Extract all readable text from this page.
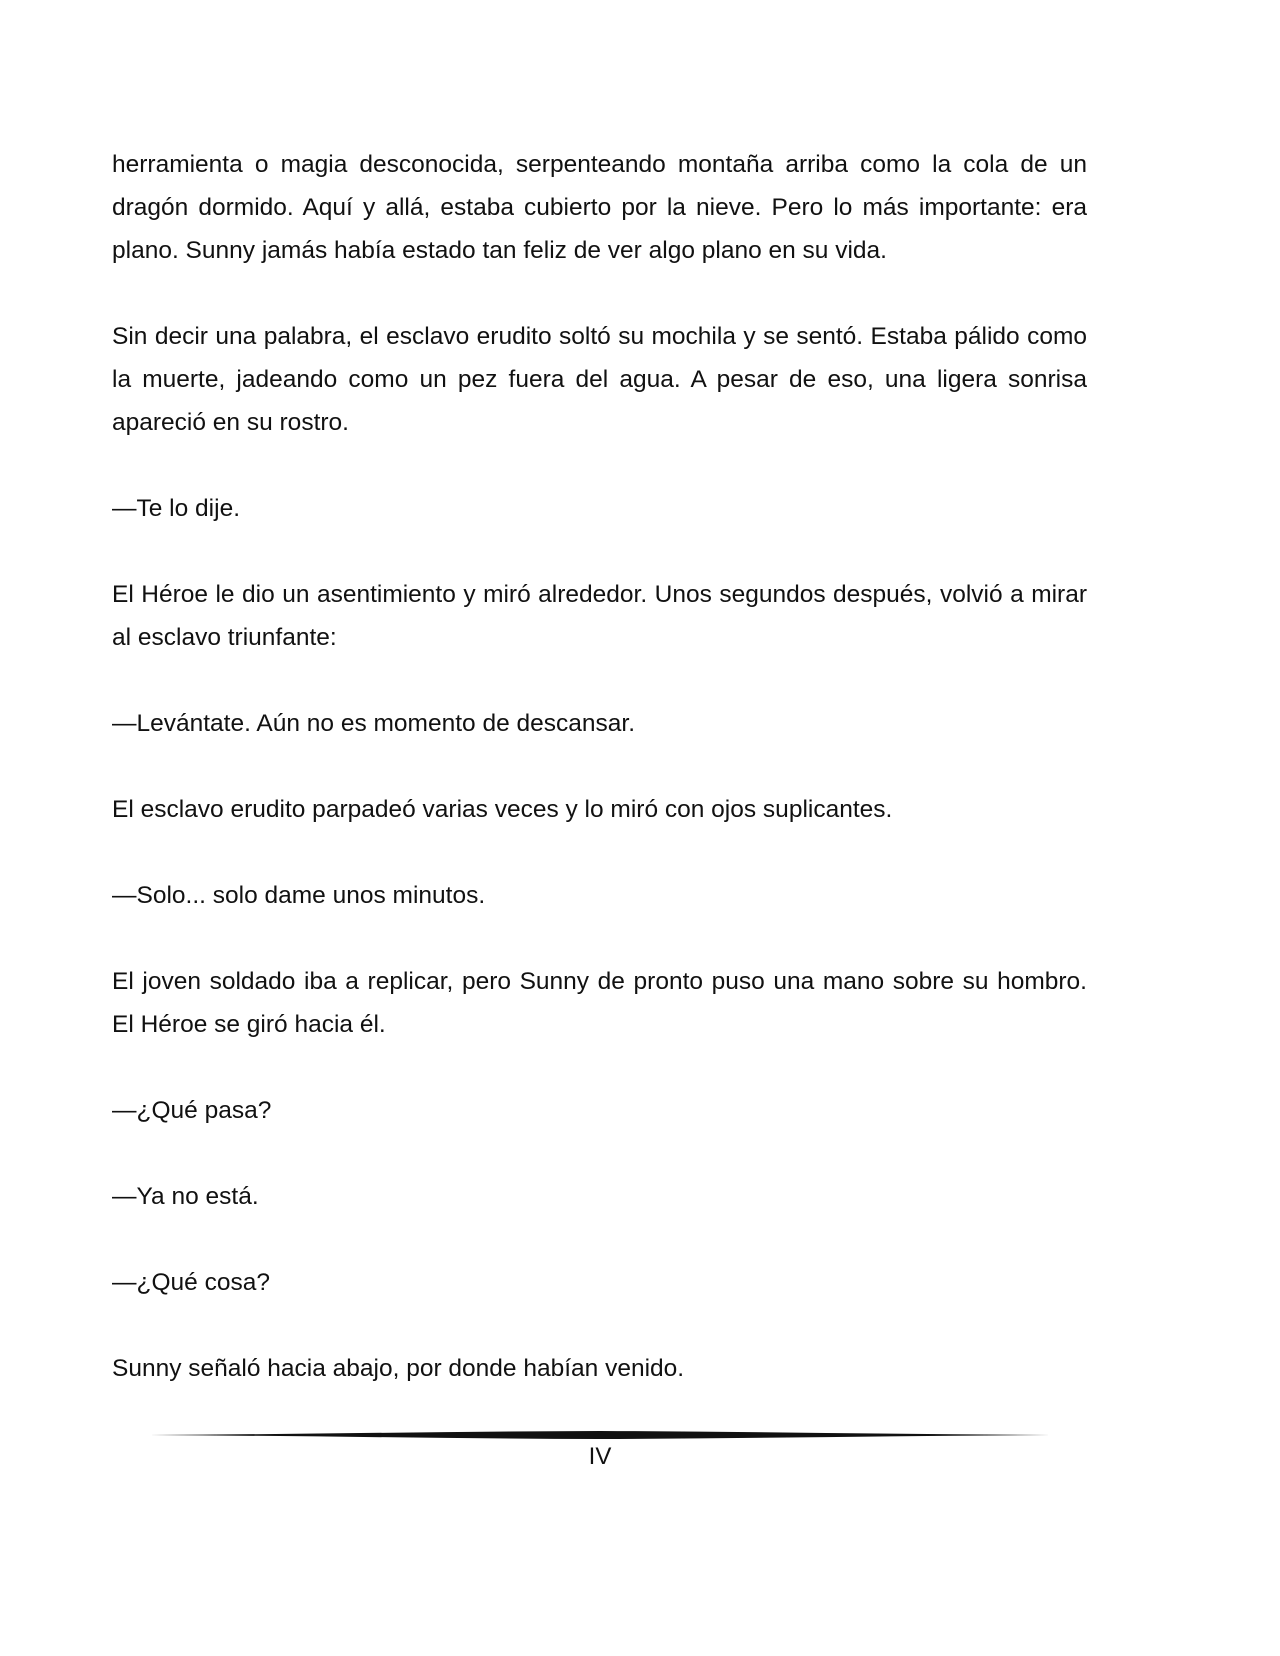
herramienta o magia desconocida, serpenteando montaña arriba como la cola de un dragón dormido. Aquí y allá, estaba cubierto por la nieve. Pero lo más importante: era plano. Sunny jamás había estado tan feliz de ver algo plano en su vida.

Sin decir una palabra, el esclavo erudito soltó su mochila y se sentó. Estaba pálido como la muerte, jadeando como un pez fuera del agua. A pesar de eso, una ligera sonrisa apareció en su rostro.

—Te lo dije.

El Héroe le dio un asentimiento y miró alrededor. Unos segundos después, volvió a mirar al esclavo triunfante:

—Levántate. Aún no es momento de descansar.

El esclavo erudito parpadeó varias veces y lo miró con ojos suplicantes.

—Solo... solo dame unos minutos.

El joven soldado iba a replicar, pero Sunny de pronto puso una mano sobre su hombro. El Héroe se giró hacia él.

—¿Qué pasa?

—Ya no está.

—¿Qué cosa?

Sunny señaló hacia abajo, por donde habían venido.

IV
